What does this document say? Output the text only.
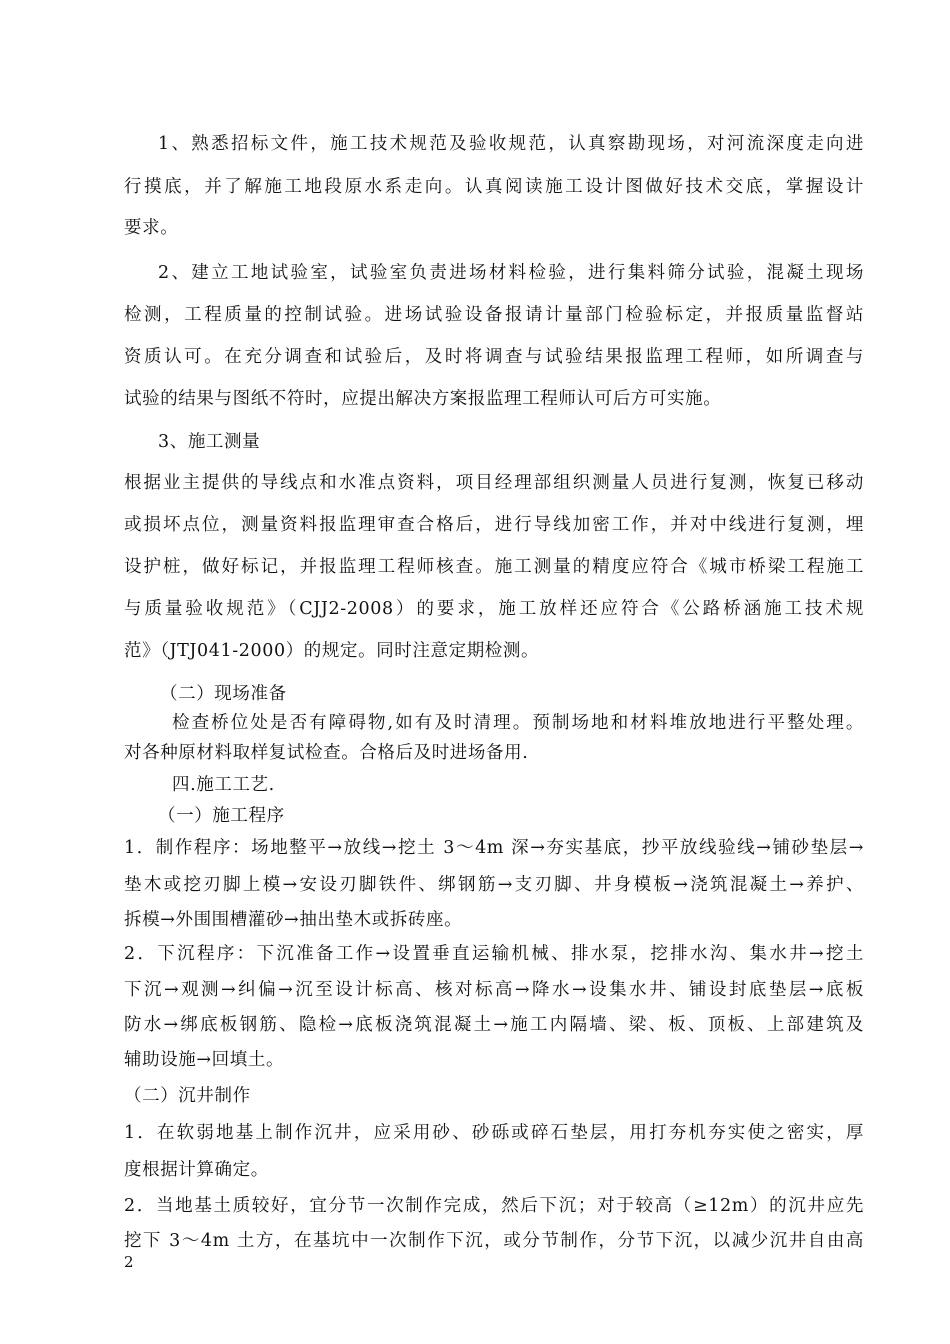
1、熟悉招标文件，施工技术规范及验收规范，认真察勘现场，对河流深度走向进
行摸底，并了解施工地段原水系走向。认真阅读施工设计图做好技术交底，掌握设计
要求。
2、建立工地试验室，试验室负责进场材料检验，进行集料筛分试验，混凝土现场
检测，工程质量的控制试验。进场试验设备报请计量部门检验标定，并报质量监督站
资质认可。在充分调查和试验后，及时将调查与试验结果报监理工程师，如所调查与
试验的结果与图纸不符时，应提出解决方案报监理工程师认可后方可实施。
3、施工测量
根据业主提供的导线点和水准点资料，项目经理部组织测量人员进行复测，恢复已移动
或损坏点位，测量资料报监理审查合格后，进行导线加密工作，并对中线进行复测，埋
设护桩，做好标记，并报监理工程师核查。施工测量的精度应符合《城市桥梁工程施工
与质量验收规范》（CJJ2-2008）的要求，施工放样还应符合《公路桥涵施工技术规
范》（JTJ041-2000）的规定。同时注意定期检测。
（二）现场准备
检查桥位处是否有障碍物,如有及时清理。预制场地和材料堆放地进行平整处理。
对各种原材料取样复试检查。合格后及时进场备用.
四.施工工艺.
（一）施工程序
1．制作程序：场地整平→放线→挖土 3～4m 深→夯实基底，抄平放线验线→铺砂垫层→
垫木或挖刃脚上模→安设刃脚铁件、绑钢筋→支刃脚、井身模板→浇筑混凝土→养护、
拆模→外围围槽灌砂→抽出垫木或拆砖座。
2．下沉程序：下沉准备工作→设置垂直运输机械、排水泵，挖排水沟、集水井→挖土
下沉→观测→纠偏→沉至设计标高、核对标高→降水→设集水井、铺设封底垫层→底板
防水→绑底板钢筋、隐检→底板浇筑混凝土→施工内隔墙、梁、板、顶板、上部建筑及
辅助设施→回填土。
（二）沉井制作
1．在软弱地基上制作沉井，应采用砂、砂砾或碎石垫层，用打夯机夯实使之密实，厚
度根据计算确定。
2．当地基土质较好，宜分节一次制作完成，然后下沉；对于较高（≥12m）的沉井应先
挖下 3～4m 土方，在基坑中一次制作下沉，或分节制作，分节下沉，以减少沉井自由高
2
